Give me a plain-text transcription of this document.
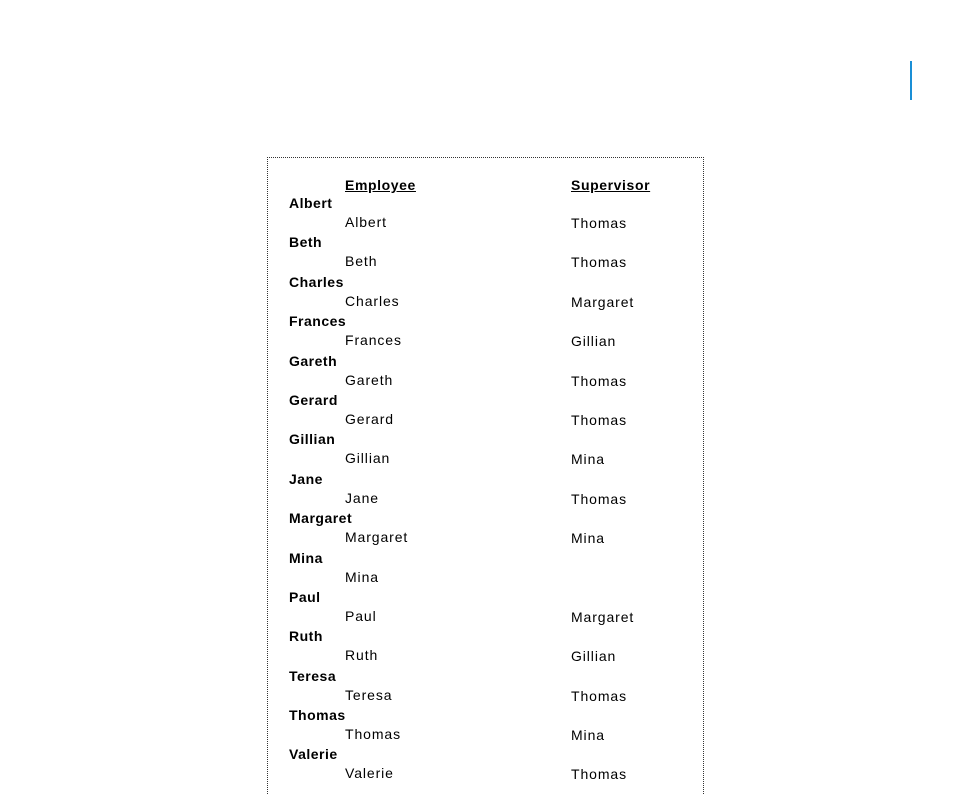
Employee	Supervisor
Albert
Albert	Thomas
Beth
Beth	Thomas
Charles
Charles	Margaret
Frances
Frances	Gillian
Gareth
Gareth	Thomas
Gerard
Gerard	Thomas
Gillian
Gillian	Mina
Jane
Jane	Thomas
Margaret
Margaret	Mina
Mina
Mina
Paul
Paul	Margaret
Ruth
Ruth	Gillian
Teresa
Teresa	Thomas
Thomas
Thomas	Mina
Valerie
Valerie	Thomas
